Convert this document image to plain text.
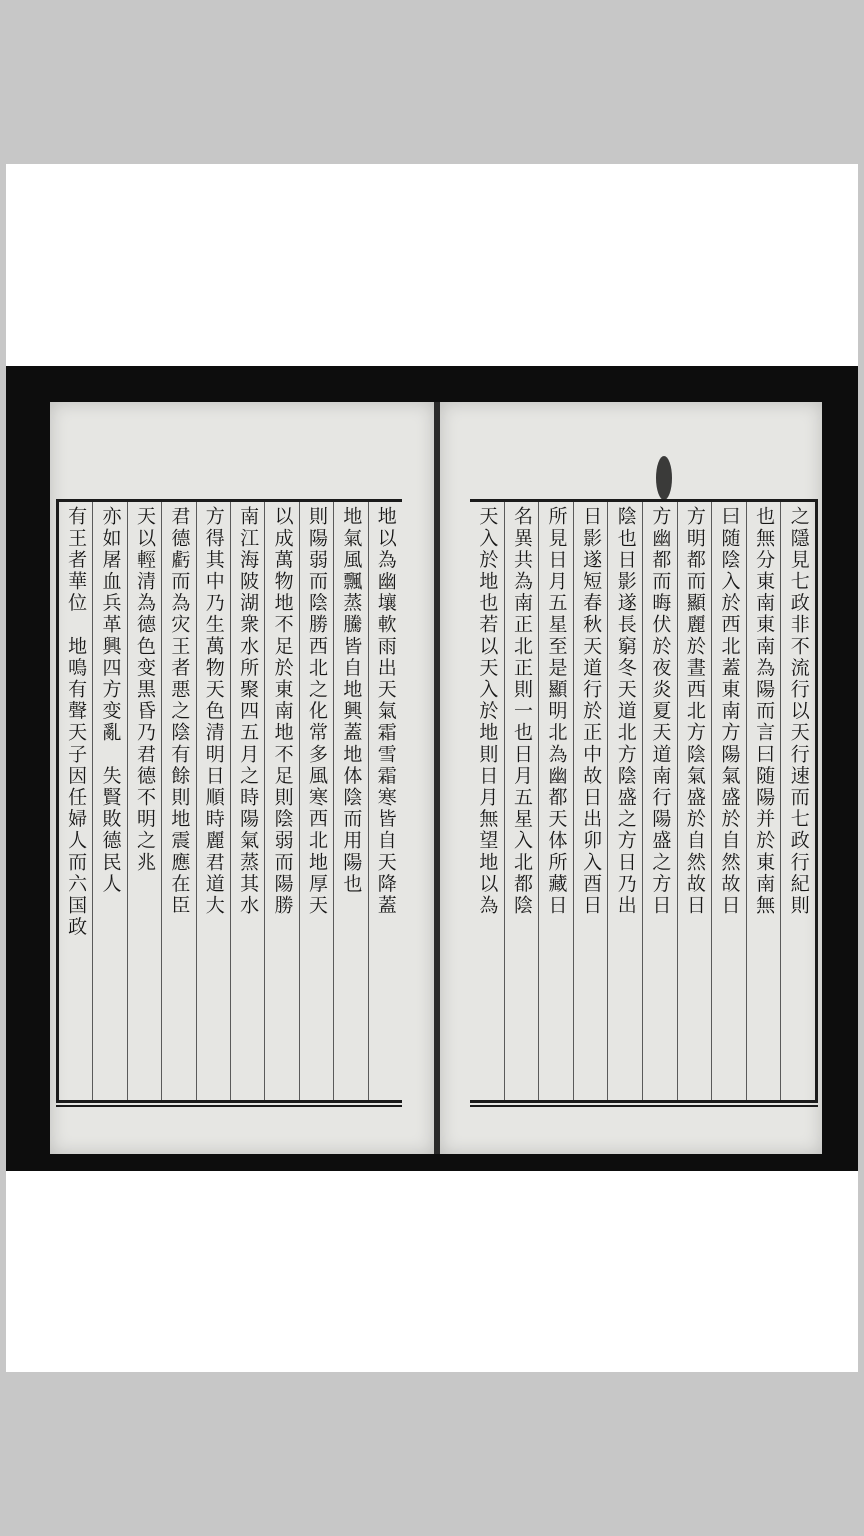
地以為幽壤軟雨出天氣霜雪霜寒皆自天降蓋
地氣風飄蒸騰皆自地興蓋地体陰而用陽也
則陽弱而陰勝西北之化常多風寒西北地厚天
以成萬物地不足於東南地不足則陰弱而陽勝
南江海陂湖衆水所聚四五月之時陽氣蒸其水
方得其中乃生萬物天色清明日順時麗君道大
君德虧而為灾王者悪之陰有餘則地震應在臣
天以輕清為德色变黒昏乃君德不明之兆
亦如屠血兵革興四方变亂　失賢敗德民人
有王者華位　地鳴有聲天子因任婦人而六国政	之隱見七政非不流行以天行速而七政行紀則
也無分東南東南為陽而言曰随陽并於東南無
曰随陰入於西北蓋東南方陽氣盛於自然故日
方明都而顯麗於晝西北方陰氣盛於自然故日
方幽都而晦伏於夜炎夏天道南行陽盛之方日
陰也日影遂長窮冬天道北方陰盛之方日乃出
日影遂短春秋天道行於正中故日出卯入酉日
所見日月五星至是顯明北為幽都天体所藏日
名異共為南正北正則一也日月五星入北都陰
天入於地也若以天入於地則日月無望地以為
